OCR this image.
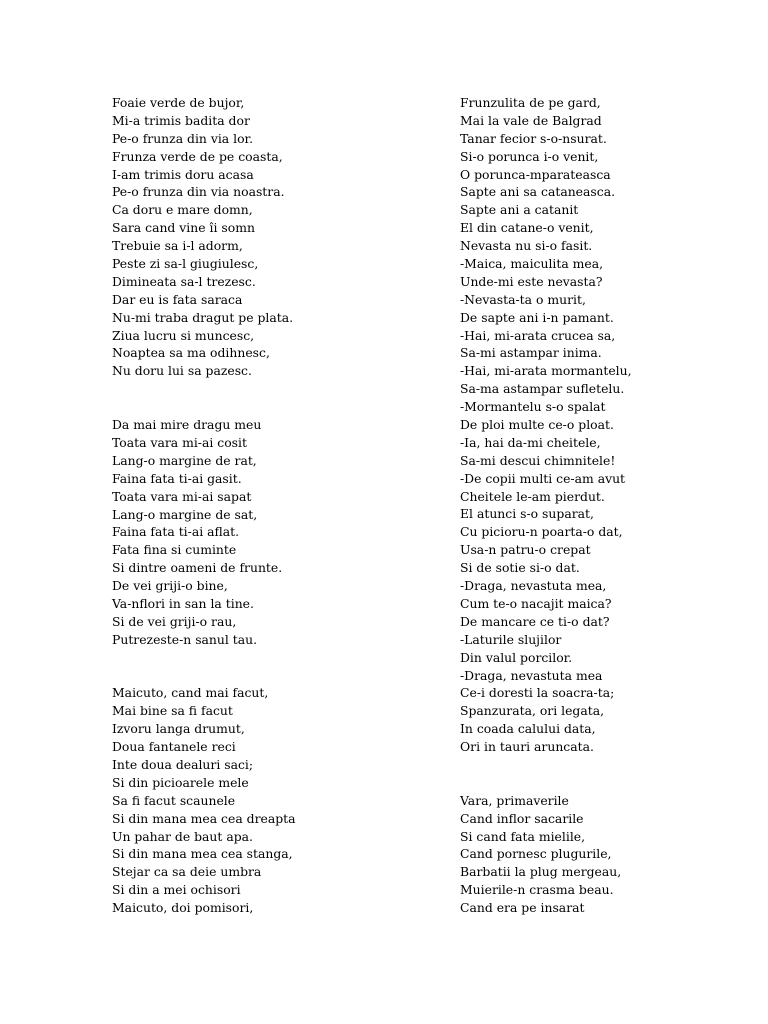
Foaie verde de bujor,
Mi-a trimis badita dor
Pe-o frunza din via lor.
Frunza verde de pe coasta,
I-am trimis doru acasa
Pe-o frunza din via noastra.
Ca doru e mare domn,
Sara cand vine îi somn
Trebuie sa i-l adorm,
Peste zi sa-l giugiulesc,
Dimineata sa-l trezesc.
Dar eu is fata saraca
Nu-mi traba dragut pe plata.
Ziua lucru si muncesc,
Noaptea sa ma odihnesc,
Nu doru lui sa pazesc.
Da mai mire dragu meu
Toata vara mi-ai cosit
Lang-o margine de rat,
Faina fata ti-ai gasit.
Toata vara mi-ai sapat
Lang-o margine de sat,
Faina fata ti-ai aflat.
Fata fina si cuminte
Si dintre oameni de frunte.
De vei griji-o bine,
Va-nflori in san la tine.
Si de vei griji-o rau,
Putrezeste-n sanul tau.
Maicuto, cand mai facut,
Mai bine sa fi facut
Izvoru langa drumut,
Doua fantanele reci
Inte doua dealuri saci;
Si din picioarele mele
Sa fi facut scaunele
Si din mana mea cea dreapta
Un pahar de baut apa.
Si din mana mea cea stanga,
Stejar ca sa deie umbra
Si din a mei ochisori
Maicuto, doi pomisori,
Frunzulita de pe gard,
Mai la vale de Balgrad
Tanar fecior s-o-nsurat.
Si-o porunca i-o venit,
O porunca-mparateasca
Sapte ani sa cataneasca.
Sapte ani a catanit
El din catane-o venit,
Nevasta nu si-o fasit.
-Maica, maiculita mea,
Unde-mi este nevasta?
-Nevasta-ta o murit,
De sapte ani i-n pamant.
-Hai, mi-arata crucea sa,
Sa-mi astampar inima.
-Hai, mi-arata mormantelu,
Sa-ma astampar sufletelu.
-Mormantelu s-o spalat
De ploi multe ce-o ploat.
-Ia, hai da-mi cheitele,
Sa-mi descui chimnitele!
-De copii multi ce-am avut
Cheitele le-am pierdut.
El atunci s-o suparat,
Cu picioru-n poarta-o dat,
Usa-n patru-o crepat
Si de sotie si-o dat.
-Draga, nevastuta mea,
Cum te-o nacajit maica?
De mancare ce ti-o dat?
-Laturile slujilor
Din valul porcilor.
-Draga, nevastuta mea
Ce-i doresti la soacra-ta;
Spanzurata, ori legata,
In coada calului data,
Ori in tauri aruncata.
Vara, primaverile
Cand inflor sacarile
Si cand fata mielile,
Cand pornesc plugurile,
Barbatii la plug mergeau,
Muierile-n crasma beau.
Cand era pe insarat
